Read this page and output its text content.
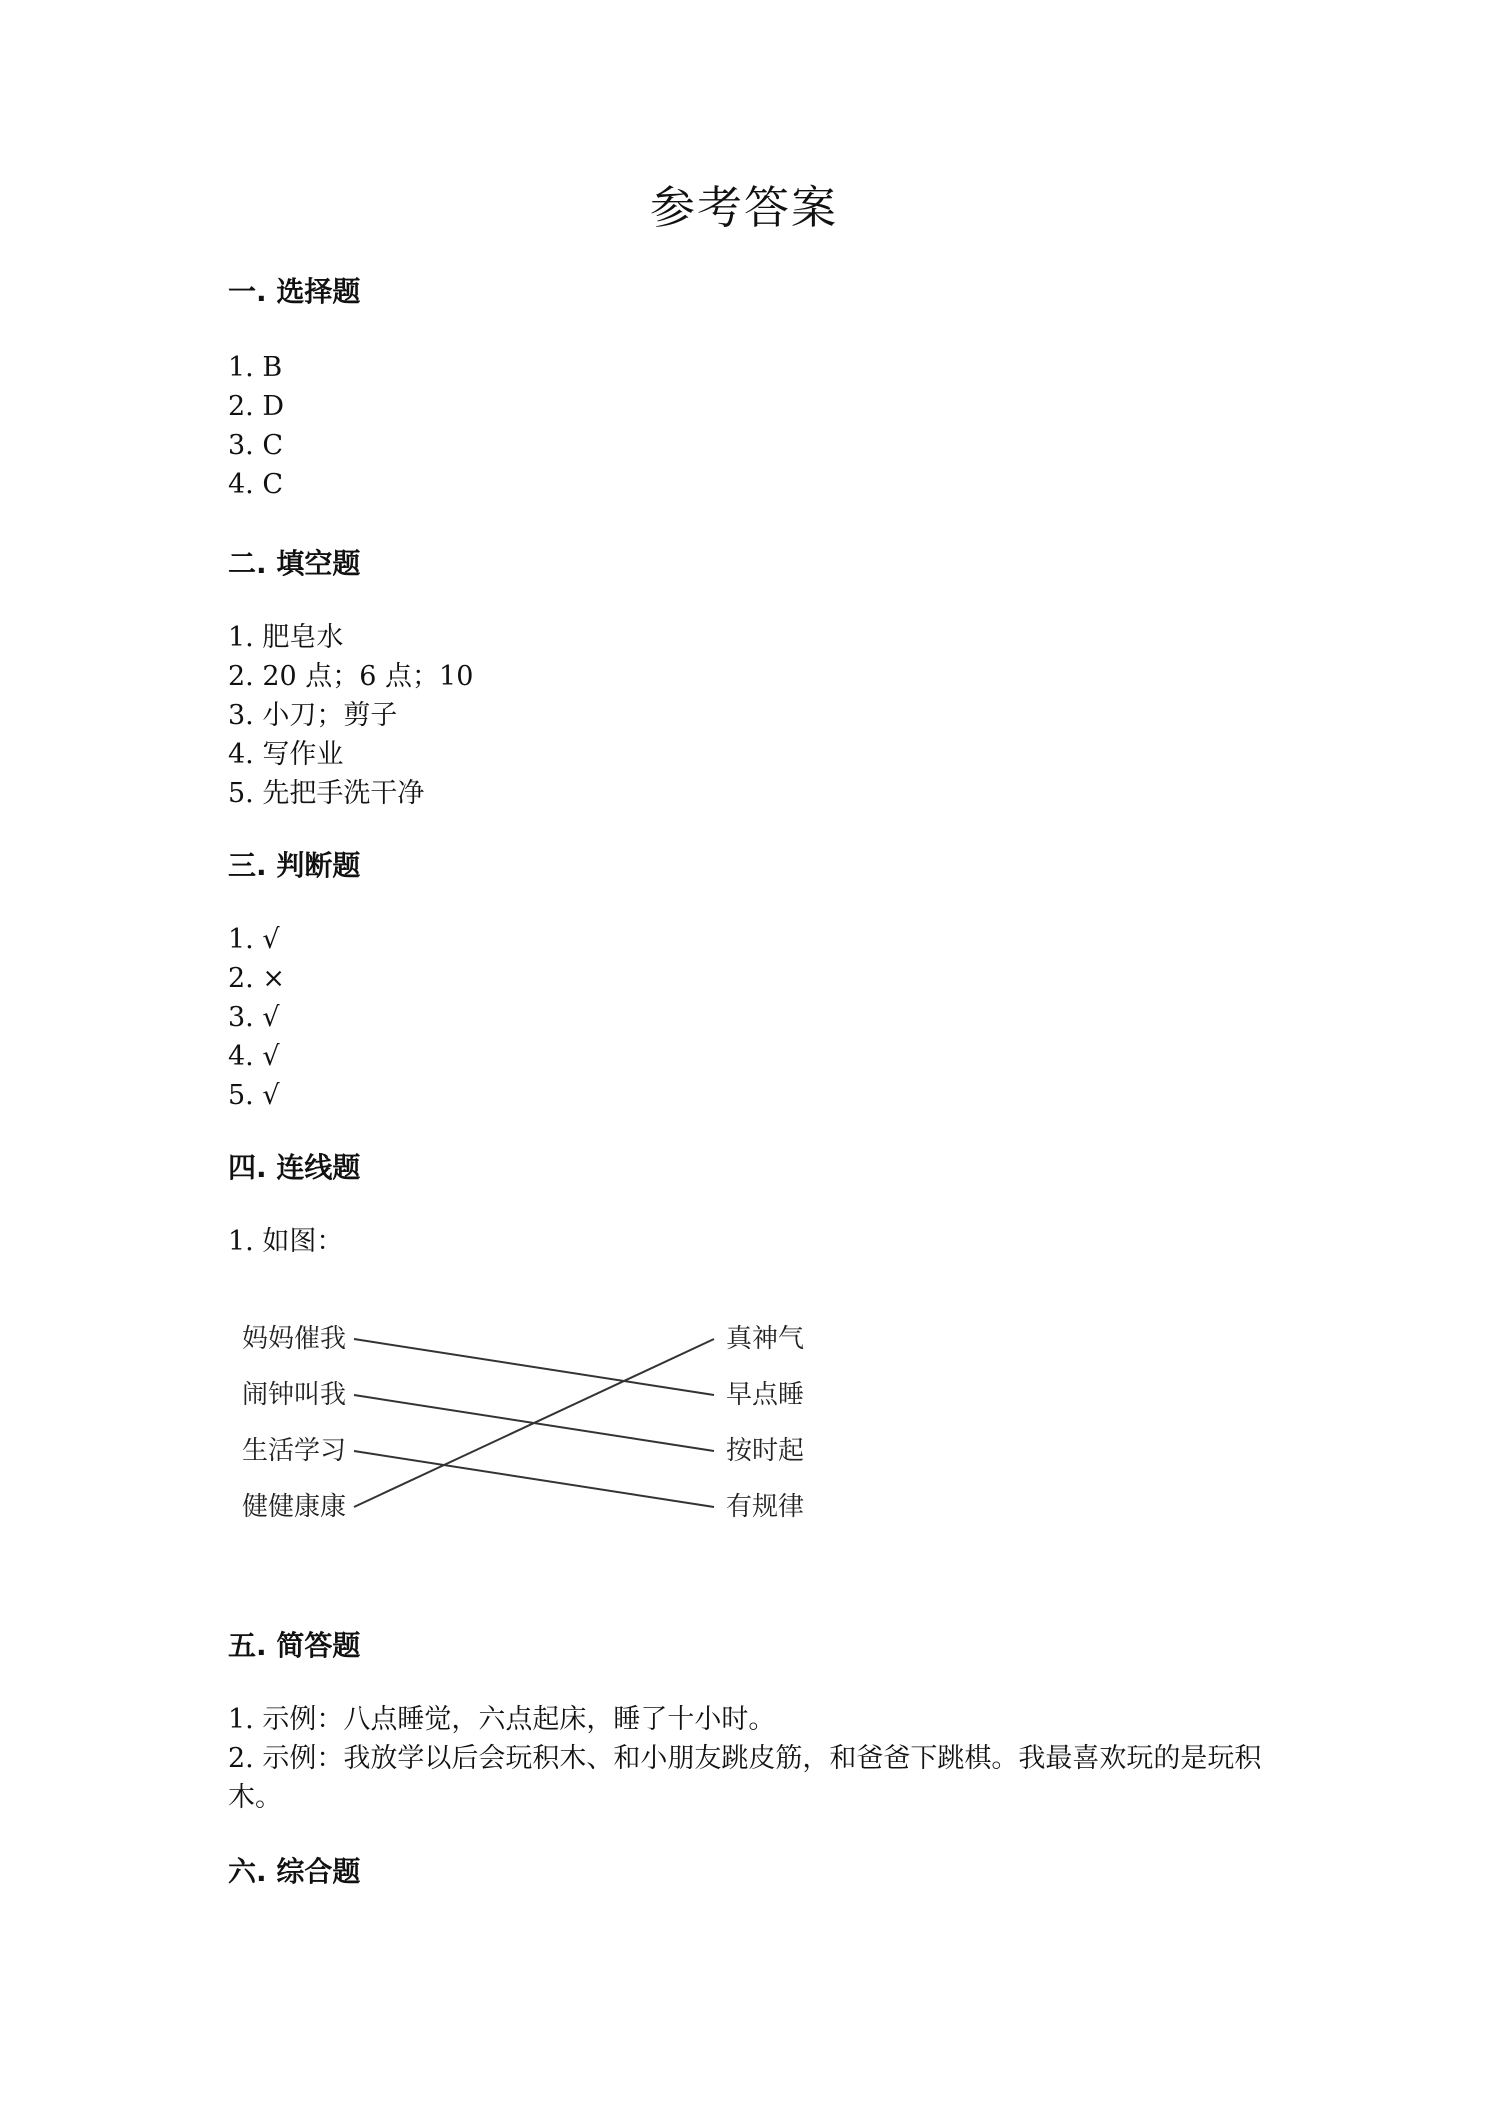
参考答案
一. 选择题
1. B
2. D
3. C
4. C
二. 填空题
1. 肥皂水
2. 20 点；6 点；10
3. 小刀；剪子
4. 写作业
5. 先把手洗干净
三. 判断题
1. √
2. ×
3. √
4. √
5. √
四. 连线题
1. 如图：
妈妈催我
闹钟叫我
生活学习
健健康康
真神气
早点睡
按时起
有规律
五. 简答题
1. 示例：八点睡觉，六点起床，睡了十小时。
2. 示例：我放学以后会玩积木、和小朋友跳皮筋，和爸爸下跳棋。我最喜欢玩的是玩积木。
六. 综合题
